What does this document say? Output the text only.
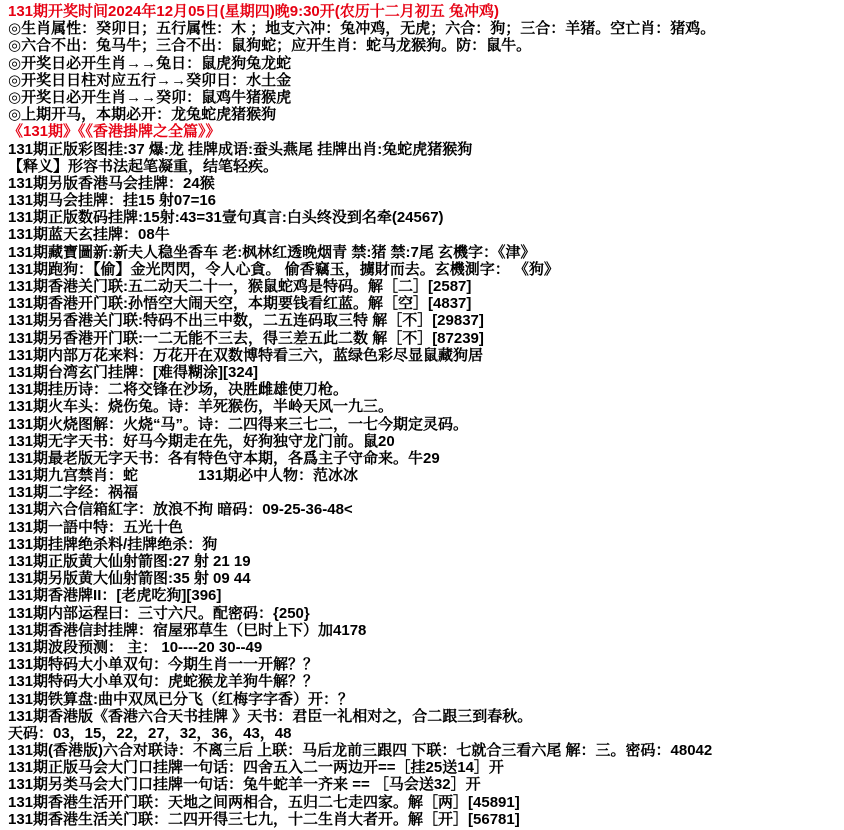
131期开奖时间2024年12月05日(星期四)晚9:30开(农历十二月初五 兔冲鸡)
◎生肖属性：癸卯日；五行属性：木 ；地支六冲：兔冲鸡，无虎；六合：狗；三合：羊猪。空亡肖：猪鸡。
◎六合不出：兔马牛；三合不出：鼠狗蛇；应开生肖：蛇马龙猴狗。防：鼠牛。
◎开奖日必开生肖→→兔日：鼠虎狗兔龙蛇
◎开奖日日柱对应五行→→癸卯日：水土金
◎开奖日必开生肖→→癸卯：鼠鸡牛猪猴虎
◎上期开马，本期必开：龙兔蛇虎猪猴狗
《131期》《《香港掛牌之全篇》》
131期正版彩图挂:37 爆:龙 挂牌成语:蚕头燕尾 挂牌出肖:兔蛇虎猪猴狗
【释义】形容书法起笔凝重，结笔轻疾。
131期另版香港马会挂牌：24猴
131期马会挂牌：挂15 射07=16
131期正版数码挂牌:15射:43=31壹句真言:白头终没到名牵(24567)
131期蓝天玄挂牌：08牛
131期藏寶圖新:新夫人稳坐香车 老:枫林红透晚烟青 禁:猪 禁:7尾 玄機字：《津》
131期跑狗：【偷】金光閃閃，令人心貪。 偷香竊玉，擄財而去。玄機測字： 《狗》
131期香港关门联:五二动天二十一，猴鼠蛇鸡是特码。解［二］[2587]
131期香港开门联:孙悟空大闹天空，本期要钱看红蓝。解［空］[4837]
131期另香港关门联:特码不出三中数，二五连码取三特 解［不］[29837]
131期另香港开门联:一二无能不三去，得三差五此二数 解［不］[87239]
131期内部万花来料：万花开在双数博特看三六，蓝绿色彩尽显鼠藏狗居
131期台湾玄门挂牌：[难得糊涂][324]
131期挂历诗：二将交锋在沙场，决胜雌雄使刀枪。
131期火车头：烧伤兔。诗：羊死猴伤，半岭天风一九三。
131期火烧图解：火烧“马”。诗：二四得来三七二，一七今期定灵码。
131期无字天书：好马今期走在先，好狗独守龙门前。鼠20
131期最老版无字天书：各有特色守本期，各爲主子守命来。牛29
131期九宫禁肖：蛇　　　　131期必中人物：范冰冰
131期二字经：祸福
131期六合信箱紅字：放浪不拘 暗码：09-25-36-48<
131期一語中特：五光十色
131期挂牌绝杀料/挂牌绝杀：狗
131期正版黄大仙射箭图:27 射 21 19
131期另版黄大仙射箭图:35 射 09 44
131期香港牌II：[老虎吃狗][396]
131期内部运程曰：三寸六尺。配密码：{250}
131期香港信封挂牌：宿屋邪草生（巳时上下）加4178
131期波段预测： 主： 10----20 30--49
131期特码大小单双句：今期生肖一一开解？？
131期特码大小单双句：虎蛇猴龙羊狗牛解？？
131期铁算盘:曲中双凤已分飞（红梅字字香）开：？
131期香港版《香港六合天书挂牌 》天书：君臣一礼相对之，合二跟三到春秋。
天码：03，15，22，27，32，36，43，48
131期(香港版)六合对联诗：不离三后 上联：马后龙前三跟四 下联：七就合三看六尾 解：三。密码：48042
131期正版马会大门口挂牌一句话：四舍五入二一两边开==［挂25送14］开
131期另类马会大门口挂牌一句话：兔牛蛇羊一齐来 == ［马会送32］开
131期香港生活开门联：天地之间两相合，五归二七走四家。解［两］[45891]
131期香港生活关门联：二四开得三七九，十二生肖大者开。解［开］[56781]
